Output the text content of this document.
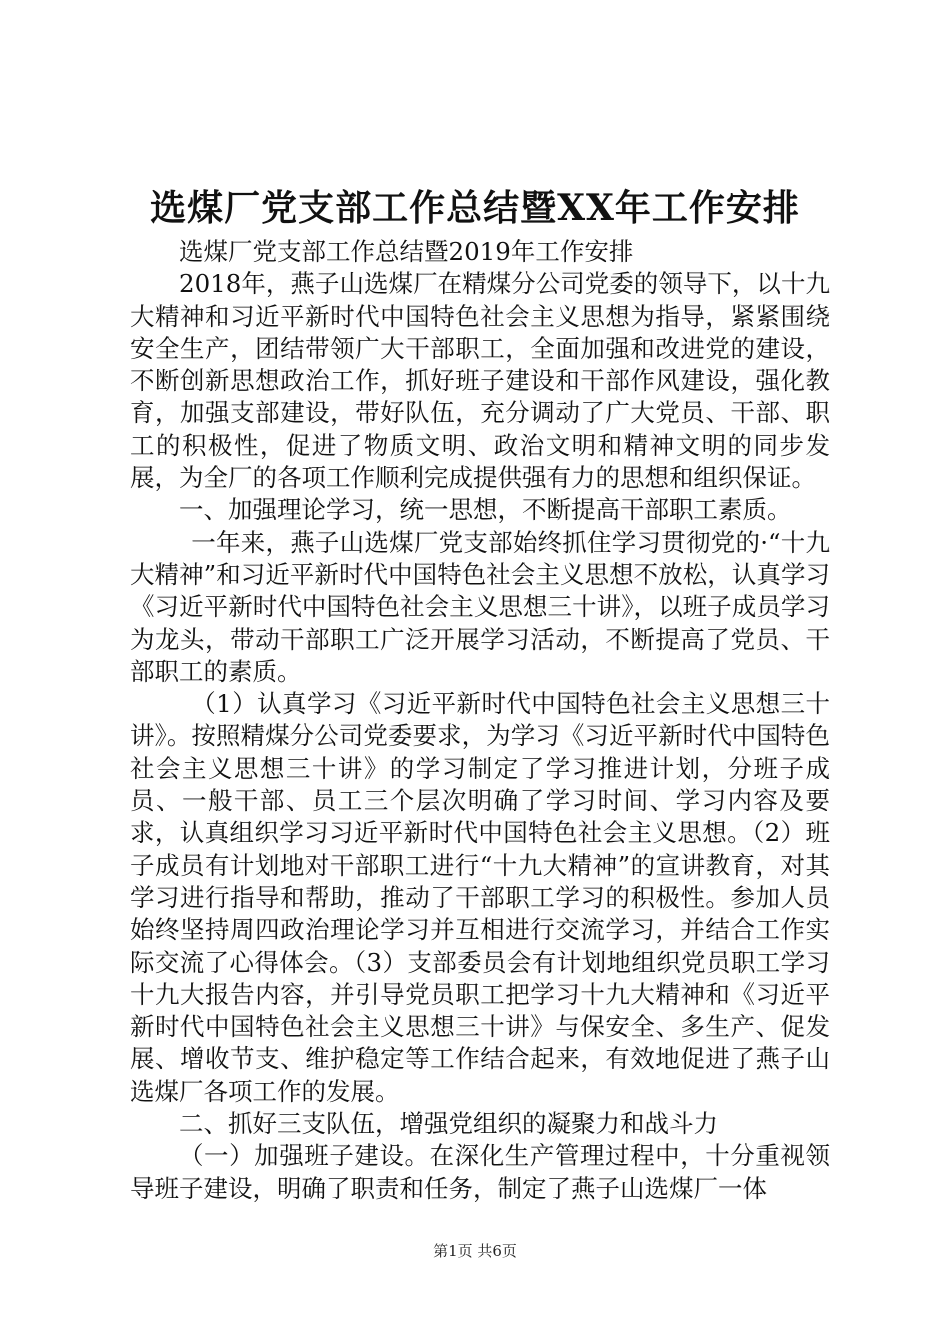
选煤厂党支部工作总结暨XX年工作安排

选煤厂党支部工作总结暨2019年工作安排

2018年，燕子山选煤厂在精煤分公司党委的领导下，以十九大精神和习近平新时代中国特色社会主义思想为指导，紧紧围绕安全生产，团结带领广大干部职工，全面加强和改进党的建设，不断创新思想政治工作，抓好班子建设和干部作风建设，强化教育，加强支部建设，带好队伍，充分调动了广大党员、干部、职工的积极性，促进了物质文明、政治文明和精神文明的同步发展，为全厂的各项工作顺利完成提供强有力的思想和组织保证。

一、加强理论学习，统一思想，不断提高干部职工素质。

一年来，燕子山选煤厂党支部始终抓住学习贯彻党的·“十九大精神”和习近平新时代中国特色社会主义思想不放松，认真学习《习近平新时代中国特色社会主义思想三十讲》，以班子成员学习为龙头，带动干部职工广泛开展学习活动，不断提高了党员、干部职工的素质。

（1）认真学习《习近平新时代中国特色社会主义思想三十讲》。按照精煤分公司党委要求，为学习《习近平新时代中国特色社会主义思想三十讲》的学习制定了学习推进计划，分班子成员、一般干部、员工三个层次明确了学习时间、学习内容及要求，认真组织学习习近平新时代中国特色社会主义思想。（2）班子成员有计划地对干部职工进行“十九大精神”的宣讲教育，对其学习进行指导和帮助，推动了干部职工学习的积极性。参加人员始终坚持周四政治理论学习并互相进行交流学习，并结合工作实际交流了心得体会。（3）支部委员会有计划地组织党员职工学习十九大报告内容，并引导党员职工把学习十九大精神和《习近平新时代中国特色社会主义思想三十讲》与保安全、多生产、促发展、增收节支、维护稳定等工作结合起来，有效地促进了燕子山选煤厂各项工作的发展。

二、抓好三支队伍，增强党组织的凝聚力和战斗力

（一）加强班子建设。在深化生产管理过程中，十分重视领导班子建设，明确了职责和任务，制定了燕子山选煤厂一体

第1页 共6页
